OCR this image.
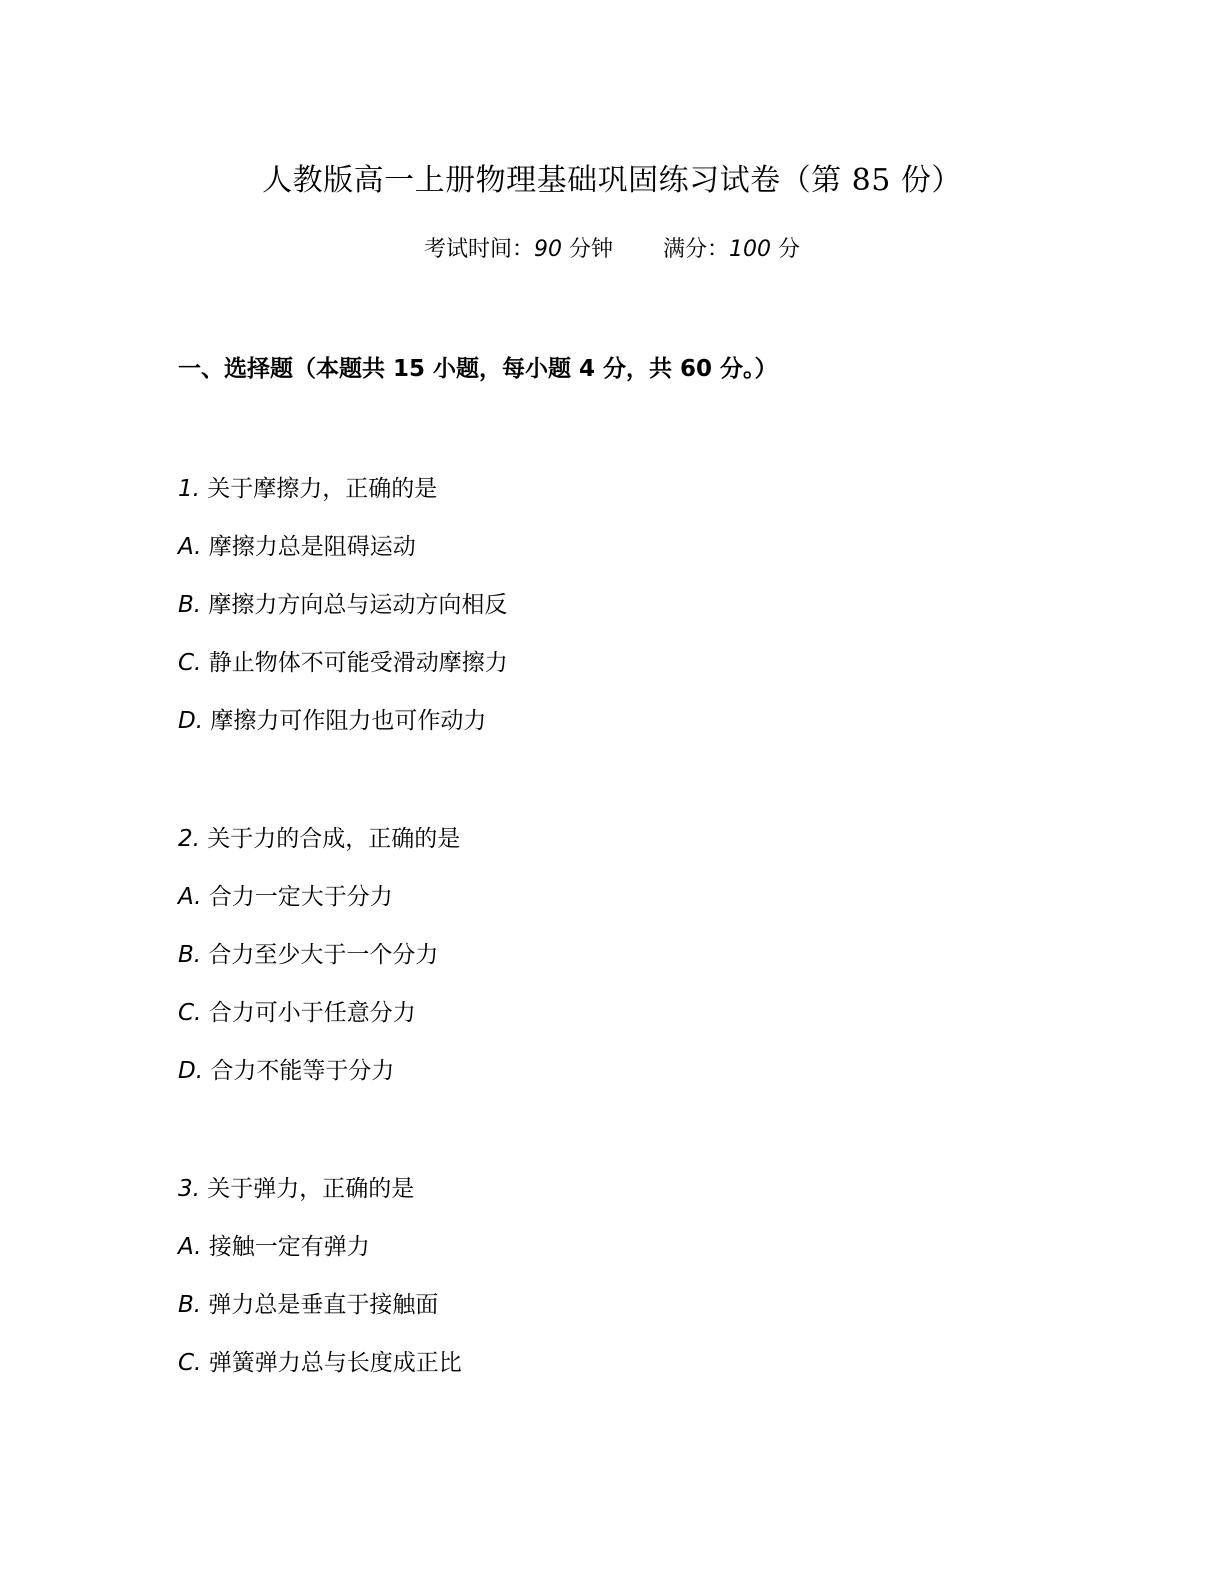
人教版高一上册物理基础巩固练习试卷（第 85 份）
考试时间：90 分钟 满分：100 分
一、选择题（本题共 15 小题，每小题 4 分，共 60 分。）
1. 关于摩擦力，正确的是
A. 摩擦力总是阻碍运动
B. 摩擦力方向总与运动方向相反
C. 静止物体不可能受滑动摩擦力
D. 摩擦力可作阻力也可作动力
2. 关于力的合成，正确的是
A. 合力一定大于分力
B. 合力至少大于一个分力
C. 合力可小于任意分力
D. 合力不能等于分力
3. 关于弹力，正确的是
A. 接触一定有弹力
B. 弹力总是垂直于接触面
C. 弹簧弹力总与长度成正比
